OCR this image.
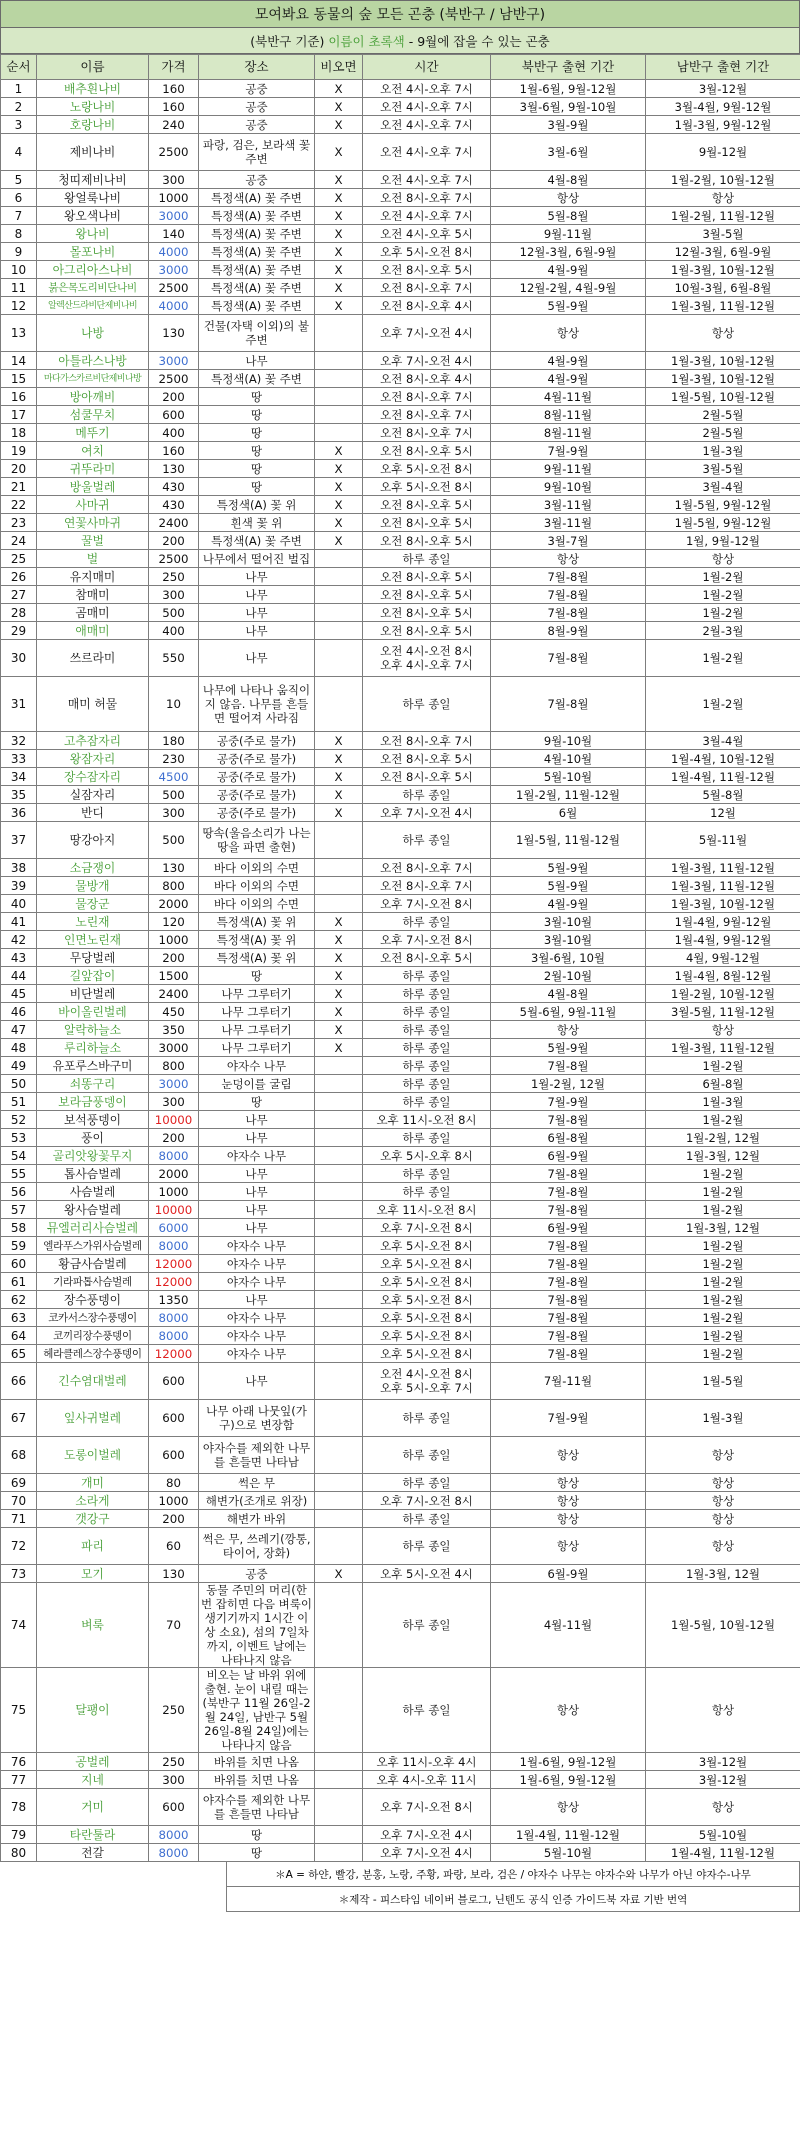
모여봐요 동물의 숲 모든 곤충 (북반구 / 남반구)
(북반구 기준) 이름이 초록색 - 9월에 잡을 수 있는 곤충
순서	이름	가격	장소	비오면	시간	북반구 출현 기간	남반구 출현 기간
1	배추흰나비	160	공중	X	오전 4시-오후 7시	1월-6월, 9월-12월	3월-12월
2	노랑나비	160	공중	X	오전 4시-오후 7시	3월-6월, 9월-10월	3월-4월, 9월-12월
3	호랑나비	240	공중	X	오전 4시-오후 7시	3월-9월	1월-3월, 9월-12월
4	제비나비	2500	파랑, 검은, 보라색 꽃 주변	X	오전 4시-오후 7시	3월-6월	9월-12월
5	청띠제비나비	300	공중	X	오전 4시-오후 7시	4월-8월	1월-2월, 10월-12월
6	왕얼룩나비	1000	특정색(A) 꽃 주변	X	오전 8시-오후 7시	항상	항상
7	왕오색나비	3000	특정색(A) 꽃 주변	X	오전 4시-오후 7시	5월-8월	1월-2월, 11월-12월
8	왕나비	140	특정색(A) 꽃 주변	X	오전 4시-오후 5시	9월-11월	3월-5월
9	몰포나비	4000	특정색(A) 꽃 주변	X	오후 5시-오전 8시	12월-3월, 6월-9월	12월-3월, 6월-9월
10	아그리아스나비	3000	특정색(A) 꽃 주변	X	오전 8시-오후 5시	4월-9월	1월-3월, 10월-12월
11	붉은목도리비단나비	2500	특정색(A) 꽃 주변	X	오전 8시-오후 7시	12월-2월, 4월-9월	10월-3월, 6월-8월
12	알렉산드라비단제비나비	4000	특정색(A) 꽃 주변	X	오전 8시-오후 4시	5월-9월	1월-3월, 11월-12월
13	나방	130	건물(자택 이외)의 불 주변		오후 7시-오전 4시	항상	항상
14	아틀라스나방	3000	나무		오후 7시-오전 4시	4월-9월	1월-3월, 10월-12월
15	마다가스카르비단제비나방	2500	특정색(A) 꽃 주변		오전 8시-오후 4시	4월-9월	1월-3월, 10월-12월
16	방아깨비	200	땅		오전 8시-오후 7시	4월-11월	1월-5월, 10월-12월
17	섬쿨무치	600	땅		오전 8시-오후 7시	8월-11월	2월-5월
18	메뚜기	400	땅		오전 8시-오후 7시	8월-11월	2월-5월
19	여치	160	땅	X	오전 8시-오후 5시	7월-9월	1월-3월
20	귀뚜라미	130	땅	X	오후 5시-오전 8시	9월-11월	3월-5월
21	방울벌레	430	땅	X	오후 5시-오전 8시	9월-10월	3월-4월
22	사마귀	430	특정색(A) 꽃 위	X	오전 8시-오후 5시	3월-11월	1월-5월, 9월-12월
23	연꽃사마귀	2400	흰색 꽃 위	X	오전 8시-오후 5시	3월-11월	1월-5월, 9월-12월
24	꿀벌	200	특정색(A) 꽃 주변	X	오전 8시-오후 5시	3월-7월	1월, 9월-12월
25	벌	2500	나무에서 떨어진 벌집		하루 종일	항상	항상
26	유지매미	250	나무		오전 8시-오후 5시	7월-8월	1월-2월
27	참매미	300	나무		오전 8시-오후 5시	7월-8월	1월-2월
28	곰매미	500	나무		오전 8시-오후 5시	7월-8월	1월-2월
29	애매미	400	나무		오전 8시-오후 5시	8월-9월	2월-3월
30	쓰르라미	550	나무		오전 4시-오전 8시
오후 4시-오후 7시	7월-8월	1월-2월
31	매미 허물	10	나무에 나타나 움직이지 않음. 나무를 흔들면 떨어져 사라짐		하루 종일	7월-8월	1월-2월
32	고추잠자리	180	공중(주로 물가)	X	오전 8시-오후 7시	9월-10월	3월-4월
33	왕잠자리	230	공중(주로 물가)	X	오전 8시-오후 5시	4월-10월	1월-4월, 10월-12월
34	장수잠자리	4500	공중(주로 물가)	X	오전 8시-오후 5시	5월-10월	1월-4월, 11월-12월
35	실잠자리	500	공중(주로 물가)	X	하루 종일	1월-2월, 11월-12월	5월-8월
36	반디	300	공중(주로 물가)	X	오후 7시-오전 4시	6월	12월
37	땅강아지	500	땅속(울음소리가 나는 땅을 파면 출현)		하루 종일	1월-5월, 11월-12월	5월-11월
38	소금쟁이	130	바다 이외의 수면		오전 8시-오후 7시	5월-9월	1월-3월, 11월-12월
39	물방개	800	바다 이외의 수면		오전 8시-오후 7시	5월-9월	1월-3월, 11월-12월
40	물장군	2000	바다 이외의 수면		오후 7시-오전 8시	4월-9월	1월-3월, 10월-12월
41	노린재	120	특정색(A) 꽃 위	X	하루 종일	3월-10월	1월-4월, 9월-12월
42	인면노린재	1000	특정색(A) 꽃 위	X	오후 7시-오전 8시	3월-10월	1월-4월, 9월-12월
43	무당벌레	200	특정색(A) 꽃 위	X	오전 8시-오후 5시	3월-6월, 10월	4월, 9월-12월
44	길앞잡이	1500	땅	X	하루 종일	2월-10월	1월-4월, 8월-12월
45	비단벌레	2400	나무 그루터기	X	하루 종일	4월-8월	1월-2월, 10월-12월
46	바이올린벌레	450	나무 그루터기	X	하루 종일	5월-6월, 9월-11월	3월-5월, 11월-12월
47	알락하늘소	350	나무 그루터기	X	하루 종일	항상	항상
48	루리하늘소	3000	나무 그루터기	X	하루 종일	5월-9월	1월-3월, 11월-12월
49	유포루스바구미	800	야자수 나무		하루 종일	7월-8월	1월-2월
50	쇠똥구리	3000	눈덩이를 굴림		하루 종일	1월-2월, 12월	6월-8월
51	보라금풍뎅이	300	땅		하루 종일	7월-9월	1월-3월
52	보석풍뎅이	10000	나무		오후 11시-오전 8시	7월-8월	1월-2월
53	풍이	200	나무		하루 종일	6월-8월	1월-2월, 12월
54	골리앗왕꽃무지	8000	야자수 나무		오후 5시-오후 8시	6월-9월	1월-3월, 12월
55	톱사슴벌레	2000	나무		하루 종일	7월-8월	1월-2월
56	사슴벌레	1000	나무		하루 종일	7월-8월	1월-2월
57	왕사슴벌레	10000	나무		오후 11시-오전 8시	7월-8월	1월-2월
58	뮤엘러리사슴벌레	6000	나무		오후 7시-오전 8시	6월-9월	1월-3월, 12월
59	엘라푸스가위사슴벌레	8000	야자수 나무		오후 5시-오전 8시	7월-8월	1월-2월
60	황금사슴벌레	12000	야자수 나무		오후 5시-오전 8시	7월-8월	1월-2월
61	기라파톱사슴벌레	12000	야자수 나무		오후 5시-오전 8시	7월-8월	1월-2월
62	장수풍뎅이	1350	나무		오후 5시-오전 8시	7월-8월	1월-2월
63	코카서스장수풍뎅이	8000	야자수 나무		오후 5시-오전 8시	7월-8월	1월-2월
64	코끼리장수풍뎅이	8000	야자수 나무		오후 5시-오전 8시	7월-8월	1월-2월
65	헤라클레스장수풍뎅이	12000	야자수 나무		오후 5시-오전 8시	7월-8월	1월-2월
66	긴수염대벌레	600	나무		오전 4시-오전 8시
오후 5시-오후 7시	7월-11월	1월-5월
67	잎사귀벌레	600	나무 아래 나뭇잎(가구)으로 변장함		하루 종일	7월-9월	1월-3월
68	도롱이벌레	600	야자수를 제외한 나무를 흔들면 나타남		하루 종일	항상	항상
69	개미	80	썩은 무		하루 종일	항상	항상
70	소라게	1000	해변가(조개로 위장)		오후 7시-오전 8시	항상	항상
71	갯강구	200	해변가 바위		하루 종일	항상	항상
72	파리	60	썩은 무, 쓰레기(깡통, 타이어, 장화)		하루 종일	항상	항상
73	모기	130	공중	X	오후 5시-오전 4시	6월-9월	1월-3월, 12월
74	벼룩	70	동물 주민의 머리(한 번 잡히면 다음 벼룩이 생기기까지 1시간 이상 소요), 섬의 7일차까지, 이벤트 날에는 나타나지 않음		하루 종일	4월-11월	1월-5월, 10월-12월
75	달팽이	250	비오는 날 바위 위에 출현. 눈이 내릴 때는(북반구 11월 26일-2월 24일, 남반구 5월 26일-8월 24일)에는 나타나지 않음		하루 종일	항상	항상
76	공벌레	250	바위를 치면 나옴		오후 11시-오후 4시	1월-6월, 9월-12월	3월-12월
77	지네	300	바위를 치면 나옴		오후 4시-오후 11시	1월-6월, 9월-12월	3월-12월
78	거미	600	야자수를 제외한 나무를 흔들면 나타남		오후 7시-오전 8시	항상	항상
79	타란툴라	8000	땅		오후 7시-오전 4시	1월-4월, 11월-12월	5월-10월
80	전갈	8000	땅		오후 7시-오전 4시	5월-10월	1월-4월, 11월-12월
＊A = 하얀, 빨강, 분홍, 노랑, 주황, 파랑, 보라, 검은 / 야자수 나무는 야자수와 나무가 아닌 야자수-나무
＊제작 - 피스타임 네이버 블로그, 닌텐도 공식 인증 가이드북 자료 기반 번역
